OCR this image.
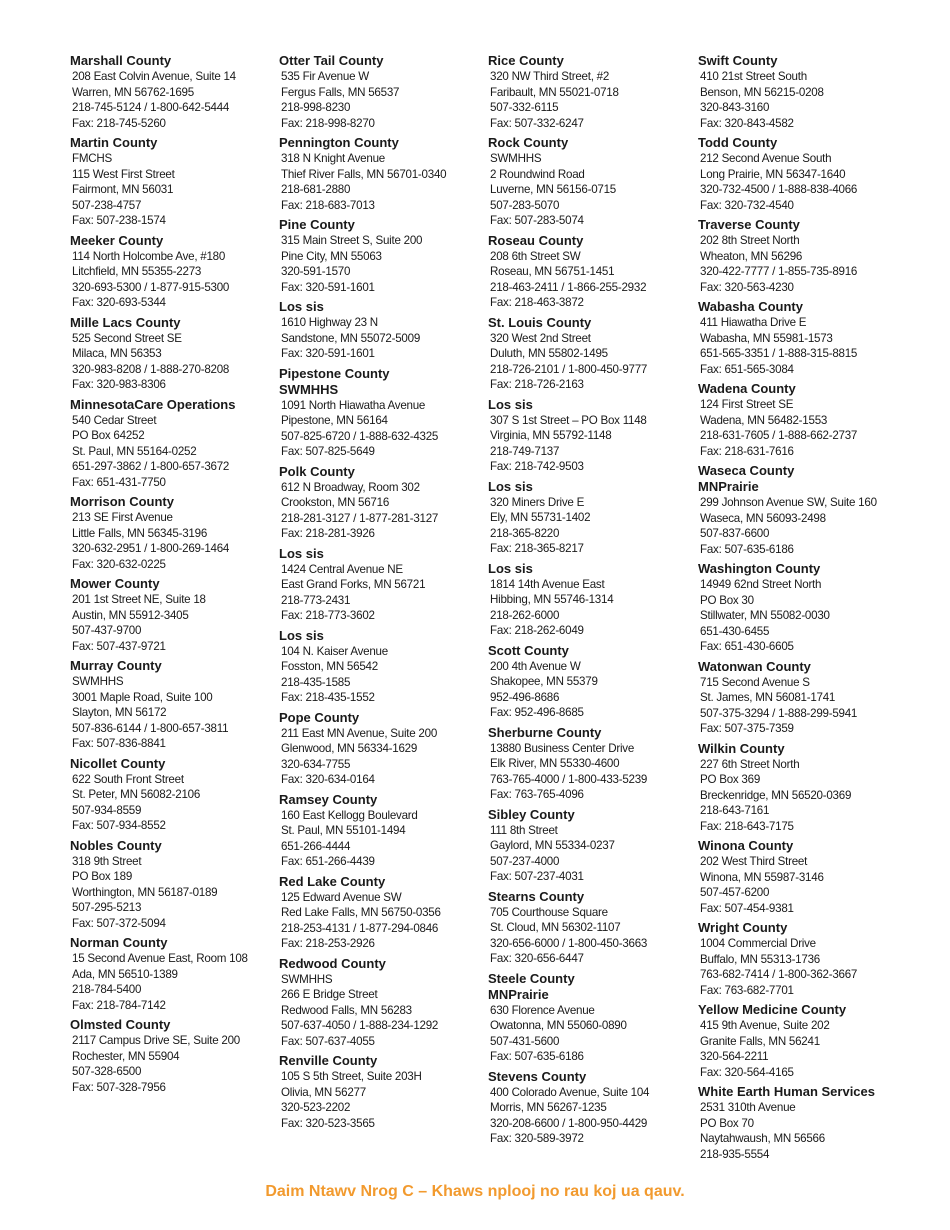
Marshall County
208 East Colvin Avenue, Suite 14
Warren, MN 56762-1695
218-745-5124 / 1-800-642-5444
Fax: 218-745-5260
Martin County
FMCHS
115 West First Street
Fairmont, MN 56031
507-238-4757
Fax: 507-238-1574
Meeker County
114 North Holcombe Ave, #180
Litchfield, MN 55355-2273
320-693-5300 / 1-877-915-5300
Fax: 320-693-5344
Mille Lacs County
525 Second Street SE
Milaca, MN 56353
320-983-8208 / 1-888-270-8208
Fax: 320-983-8306
MinnesotaCare Operations
540 Cedar Street
PO Box 64252
St. Paul, MN 55164-0252
651-297-3862 / 1-800-657-3672
Fax: 651-431-7750
Morrison County
213 SE First Avenue
Little Falls, MN 56345-3196
320-632-2951 / 1-800-269-1464
Fax: 320-632-0225
Mower County
201 1st Street NE, Suite 18
Austin, MN 55912-3405
507-437-9700
Fax: 507-437-9721
Murray County
SWMHHS
3001 Maple Road, Suite 100
Slayton, MN 56172
507-836-6144 / 1-800-657-3811
Fax: 507-836-8841
Nicollet County
622 South Front Street
St. Peter, MN 56082-2106
507-934-8559
Fax: 507-934-8552
Nobles County
318 9th Street
PO Box 189
Worthington, MN 56187-0189
507-295-5213
Fax: 507-372-5094
Norman County
15 Second Avenue East, Room 108
Ada, MN 56510-1389
218-784-5400
Fax: 218-784-7142
Olmsted County
2117 Campus Drive SE, Suite 200
Rochester, MN 55904
507-328-6500
Fax: 507-328-7956
Otter Tail County
535 Fir Avenue W
Fergus Falls, MN 56537
218-998-8230
Fax: 218-998-8270
Pennington County
318 N Knight Avenue
Thief River Falls, MN 56701-0340
218-681-2880
Fax: 218-683-7013
Pine County
315 Main Street S, Suite 200
Pine City, MN 55063
320-591-1570
Fax: 320-591-1601
Los sis
1610 Highway 23 N
Sandstone, MN 55072-5009
Fax: 320-591-1601
Pipestone County
SWMHHS
1091 North Hiawatha Avenue
Pipestone, MN 56164
507-825-6720 / 1-888-632-4325
Fax: 507-825-5649
Polk County
612 N Broadway, Room 302
Crookston, MN 56716
218-281-3127 / 1-877-281-3127
Fax: 218-281-3926
Los sis
1424 Central Avenue NE
East Grand Forks, MN 56721
218-773-2431
Fax: 218-773-3602
Los sis
104 N. Kaiser Avenue
Fosston, MN 56542
218-435-1585
Fax: 218-435-1552
Pope County
211 East MN Avenue, Suite 200
Glenwood, MN 56334-1629
320-634-7755
Fax: 320-634-0164
Ramsey County
160 East Kellogg Boulevard
St. Paul, MN 55101-1494
651-266-4444
Fax: 651-266-4439
Red Lake County
125 Edward Avenue SW
Red Lake Falls, MN 56750-0356
218-253-4131 / 1-877-294-0846
Fax: 218-253-2926
Redwood County
SWMHHS
266 E Bridge Street
Redwood Falls, MN 56283
507-637-4050 / 1-888-234-1292
Fax: 507-637-4055
Renville County
105 S 5th Street, Suite 203H
Olivia, MN 56277
320-523-2202
Fax: 320-523-3565
Rice County
320 NW Third Street, #2
Faribault, MN 55021-0718
507-332-6115
Fax: 507-332-6247
Rock County
SWMHHS
2 Roundwind Road
Luverne, MN 56156-0715
507-283-5070
Fax: 507-283-5074
Roseau County
208 6th Street SW
Roseau, MN 56751-1451
218-463-2411 / 1-866-255-2932
Fax: 218-463-3872
St. Louis County
320 West 2nd Street
Duluth, MN 55802-1495
218-726-2101 / 1-800-450-9777
Fax: 218-726-2163
Los sis
307 S 1st Street – PO Box 1148
Virginia, MN 55792-1148
218-749-7137
Fax: 218-742-9503
Los sis
320 Miners Drive E
Ely, MN 55731-1402
218-365-8220
Fax: 218-365-8217
Los sis
1814 14th Avenue East
Hibbing, MN 55746-1314
218-262-6000
Fax: 218-262-6049
Scott County
200 4th Avenue W
Shakopee, MN 55379
952-496-8686
Fax: 952-496-8685
Sherburne County
13880 Business Center Drive
Elk River, MN 55330-4600
763-765-4000 / 1-800-433-5239
Fax: 763-765-4096
Sibley County
111 8th Street
Gaylord, MN 55334-0237
507-237-4000
Fax: 507-237-4031
Stearns County
705 Courthouse Square
St. Cloud, MN 56302-1107
320-656-6000 / 1-800-450-3663
Fax: 320-656-6447
Steele County
MNPrairie
630 Florence Avenue
Owatonna, MN 55060-0890
507-431-5600
Fax: 507-635-6186
Stevens County
400 Colorado Avenue, Suite 104
Morris, MN 56267-1235
320-208-6600 / 1-800-950-4429
Fax: 320-589-3972
Swift County
410 21st Street South
Benson, MN 56215-0208
320-843-3160
Fax: 320-843-4582
Todd County
212 Second Avenue South
Long Prairie, MN 56347-1640
320-732-4500 / 1-888-838-4066
Fax: 320-732-4540
Traverse County
202 8th Street North
Wheaton, MN 56296
320-422-7777 / 1-855-735-8916
Fax: 320-563-4230
Wabasha County
411 Hiawatha Drive E
Wabasha, MN 55981-1573
651-565-3351 / 1-888-315-8815
Fax: 651-565-3084
Wadena County
124 First Street SE
Wadena, MN 56482-1553
218-631-7605 / 1-888-662-2737
Fax: 218-631-7616
Waseca County
MNPrairie
299 Johnson Avenue SW, Suite 160
Waseca, MN 56093-2498
507-837-6600
Fax: 507-635-6186
Washington County
14949 62nd Street North
PO Box 30
Stillwater, MN 55082-0030
651-430-6455
Fax: 651-430-6605
Watonwan County
715 Second Avenue S
St. James, MN 56081-1741
507-375-3294 / 1-888-299-5941
Fax: 507-375-7359
Wilkin County
227 6th Street North
PO Box 369
Breckenridge, MN 56520-0369
218-643-7161
Fax: 218-643-7175
Winona County
202 West Third Street
Winona, MN 55987-3146
507-457-6200
Fax: 507-454-9381
Wright County
1004 Commercial Drive
Buffalo, MN 55313-1736
763-682-7414 / 1-800-362-3667
Fax: 763-682-7701
Yellow Medicine County
415 9th Avenue, Suite 202
Granite Falls, MN 56241
320-564-2211
Fax: 320-564-4165
White Earth Human Services
2531 310th Avenue
PO Box 70
Naytahwaush, MN 56566
218-935-5554
Daim Ntawv Nrog C – Khaws nplooj no rau koj ua qauv.
